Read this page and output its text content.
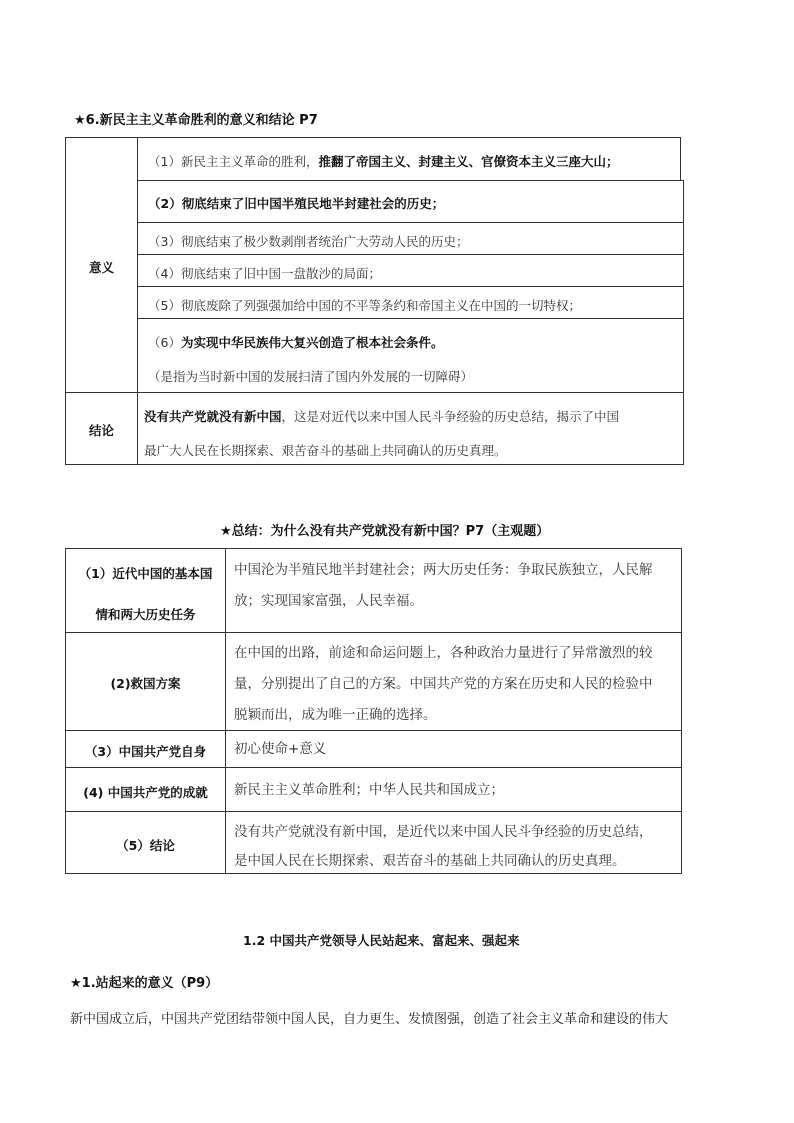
★6.新民主主义革命胜利的意义和结论 P7
意义
结论
（1）新民主主义革命的胜利，推翻了帝国主义、封建主义、官僚资本主义三座大山；
（2）彻底结束了旧中国半殖民地半封建社会的历史；
（3）彻底结束了极少数剥削者统治广大劳动人民的历史；
（4）彻底结束了旧中国一盘散沙的局面；
（5）彻底废除了列强强加给中国的不平等条约和帝国主义在中国的一切特权；
（6）为实现中华民族伟大复兴创造了根本社会条件。
（是指为当时新中国的发展扫清了国内外发展的一切障碍）
没有共产党就没有新中国，这是对近代以来中国人民斗争经验的历史总结，揭示了中国
最广大人民在长期探索、艰苦奋斗的基础上共同确认的历史真理。
★总结：为什么没有共产党就没有新中国？P7（主观题）
（1）近代中国的基本国
情和两大历史任务
中国沦为半殖民地半封建社会；两大历史任务：争取民族独立，人民解
放；实现国家富强，人民幸福。
(2)救国方案
在中国的出路，前途和命运问题上，各种政治力量进行了异常激烈的较
量，分别提出了自己的方案。中国共产党的方案在历史和人民的检验中
脱颖而出，成为唯一正确的选择。
（3）中国共产党自身	初心使命+意义
(4) 中国共产党的成就	新民主主义革命胜利；中华人民共和国成立；
（5）结论
没有共产党就没有新中国，是近代以来中国人民斗争经验的历史总结，
是中国人民在长期探索、艰苦奋斗的基础上共同确认的历史真理。
1.2 中国共产党领导人民站起来、富起来、强起来
★1.站起来的意义（P9）
新中国成立后，中国共产党团结带领中国人民，自力更生、发愤图强，创造了社会主义革命和建设的伟大
